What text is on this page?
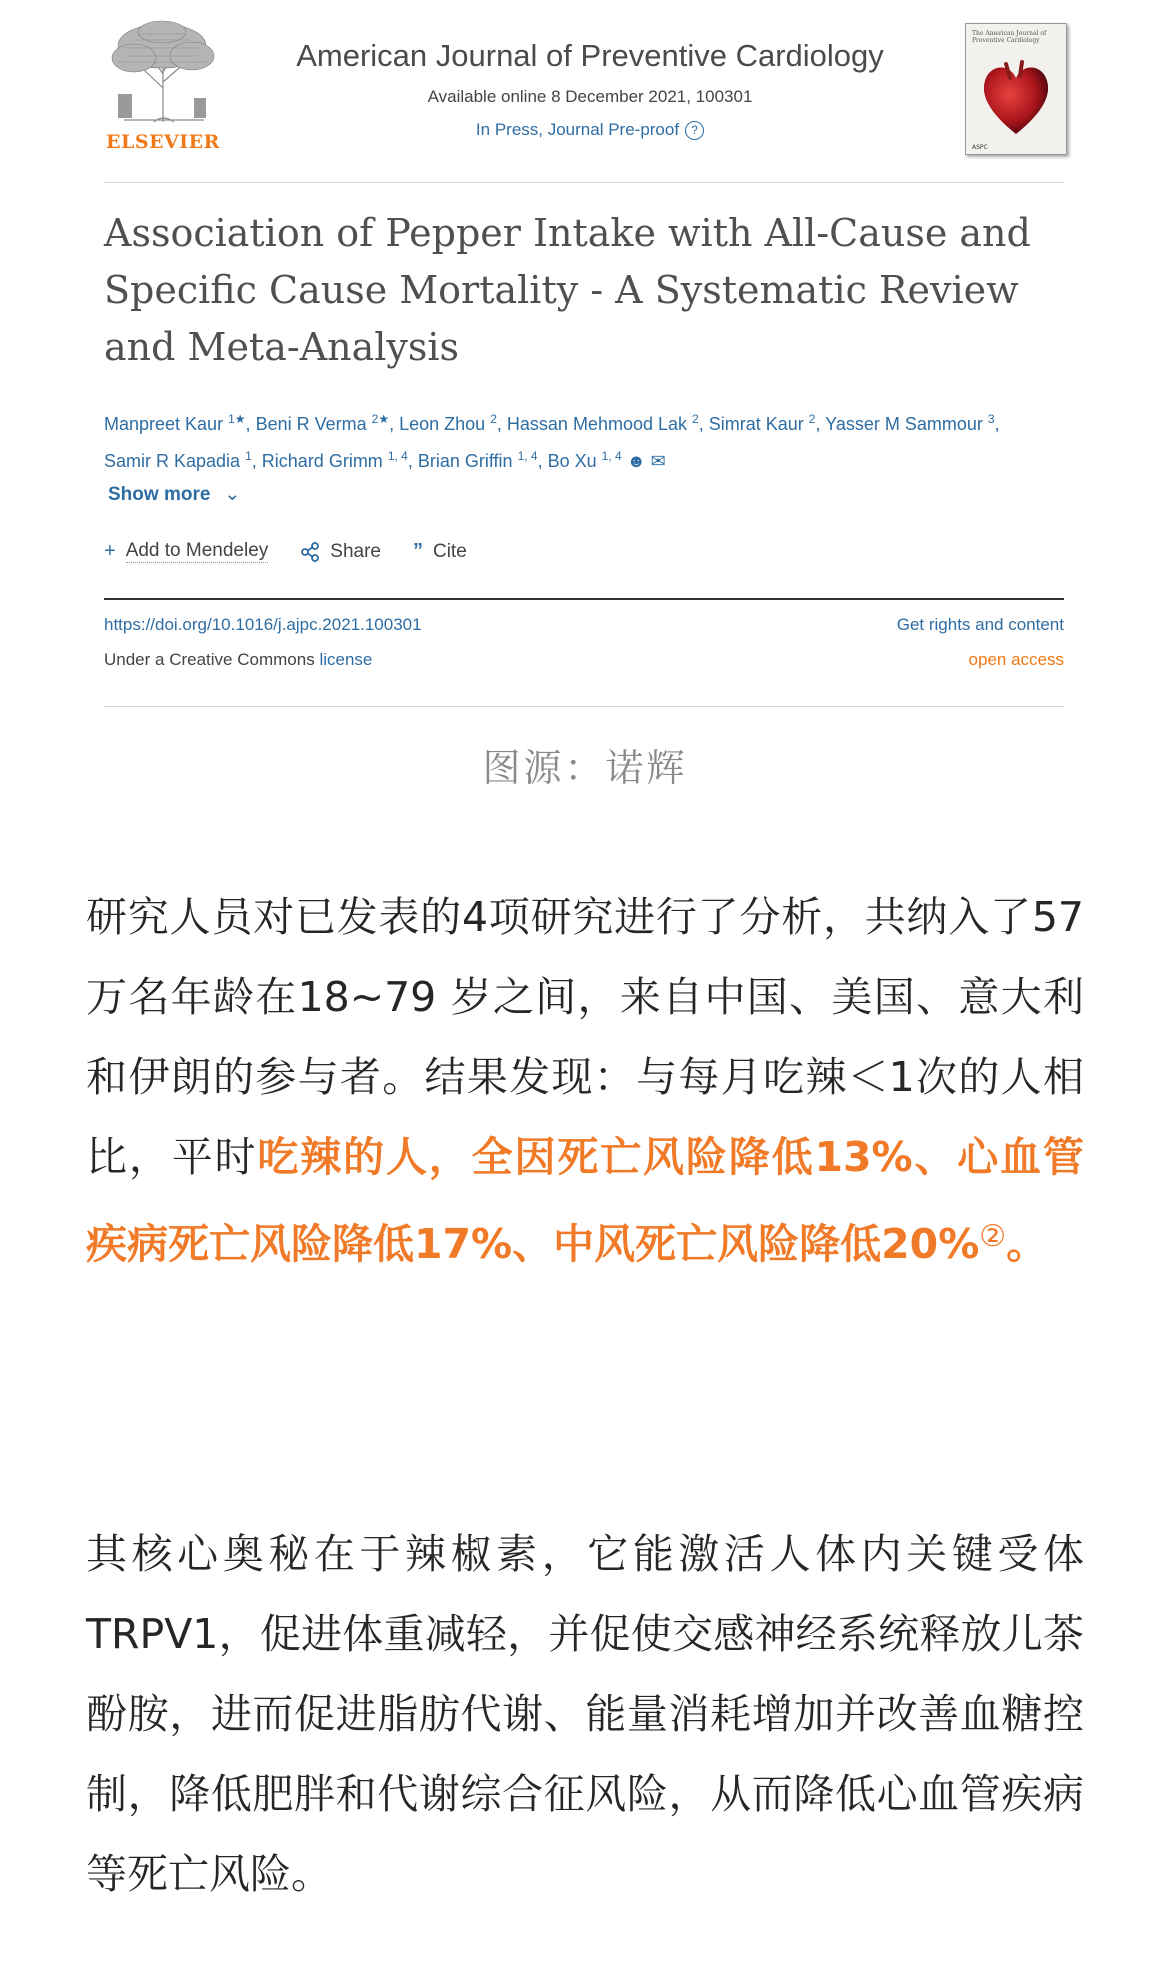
ELSEVIER
American Journal of Preventive Cardiology
Available online 8 December 2021, 100301
In Press, Journal Pre-proof ?
The American Journal of Preventive Cardiology
ASPC
Association of Pepper Intake with All-Cause and Specific Cause Mortality - A Systematic Review and Meta-Analysis
Manpreet Kaur $^{1★}$, Beni R Verma $^{2★}$, Leon Zhou $^2$, Hassan Mehmood Lak $^2$, Simrat Kaur $^2$, Yasser M Sammour $^3$,
Samir R Kapadia $^1$, Richard Grimm $^{1, 4}$, Brian Griffin $^{1, 4}$, Bo Xu $^{1, 4}$ ☻ ✉
Show more ⌄
+ Add to Mendeley	Share ” Cite
https://doi.org/10.1016/j.ajpc.2021.100301
Under a Creative Commons license
Get rights and content
open access
图源：诺辉
研究人员对已发表的4项研究进行了分析，共纳入了57万名年龄在18~79 岁之间，来自中国、美国、意大利和伊朗的参与者。结果发现：与每月吃辣＜1次的人相比，平时吃辣的人，全因死亡风险降低13%、心血管疾病死亡风险降低17%、中风死亡风险降低20%②。
其核心奥秘在于辣椒素，它能激活人体内关键受体TRPV1，促进体重减轻，并促使交感神经系统释放儿茶酚胺，进而促进脂肪代谢、能量消耗增加并改善血糖控制，降低肥胖和代谢综合征风险，从而降低心血管疾病等死亡风险。
